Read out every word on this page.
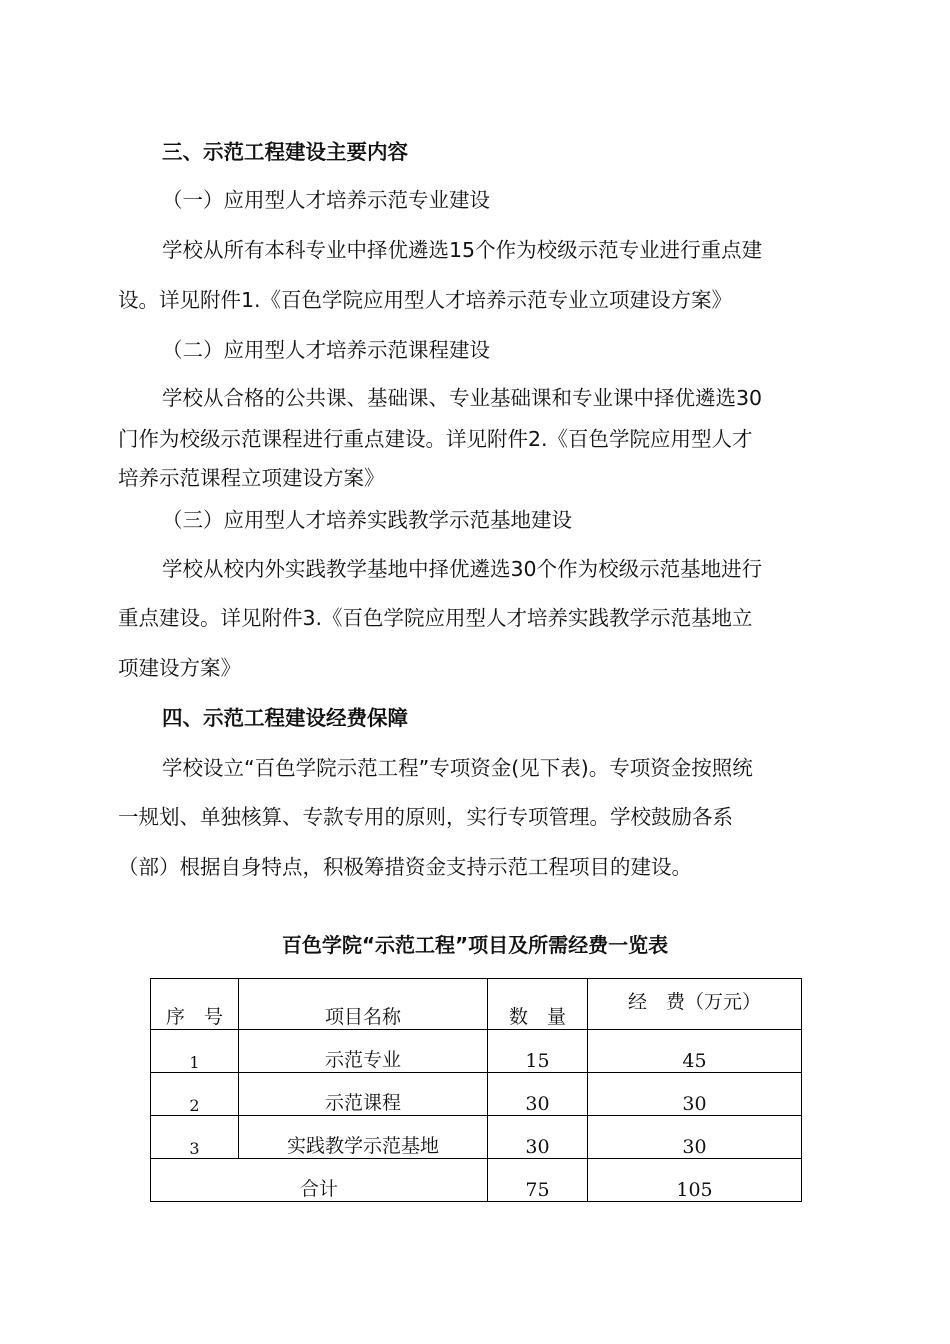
三、示范工程建设主要内容

（一）应用型人才培养示范专业建设

学校从所有本科专业中择优遴选15个作为校级示范专业进行重点建

设。详见附件1.《百色学院应用型人才培养示范专业立项建设方案》

（二）应用型人才培养示范课程建设

学校从合格的公共课、基础课、专业基础课和专业课中择优遴选30

门作为校级示范课程进行重点建设。详见附件2.《百色学院应用型人才

培养示范课程立项建设方案》

（三）应用型人才培养实践教学示范基地建设

学校从校内外实践教学基地中择优遴选30个作为校级示范基地进行

重点建设。详见附件3.《百色学院应用型人才培养实践教学示范基地立

项建设方案》

四、示范工程建设经费保障

学校设立“百色学院示范工程”专项资金(见下表)。专项资金按照统

一规划、单独核算、专款专用的原则，实行专项管理。学校鼓励各系

（部）根据自身特点，积极筹措资金支持示范工程项目的建设。

百色学院“示范工程”项目及所需经费一览表

序　号	项目名称	数　量	经　费（万元）
1	示范专业	15	45
2	示范课程	30	30
3	实践教学示范基地	30	30
合计		75	105
